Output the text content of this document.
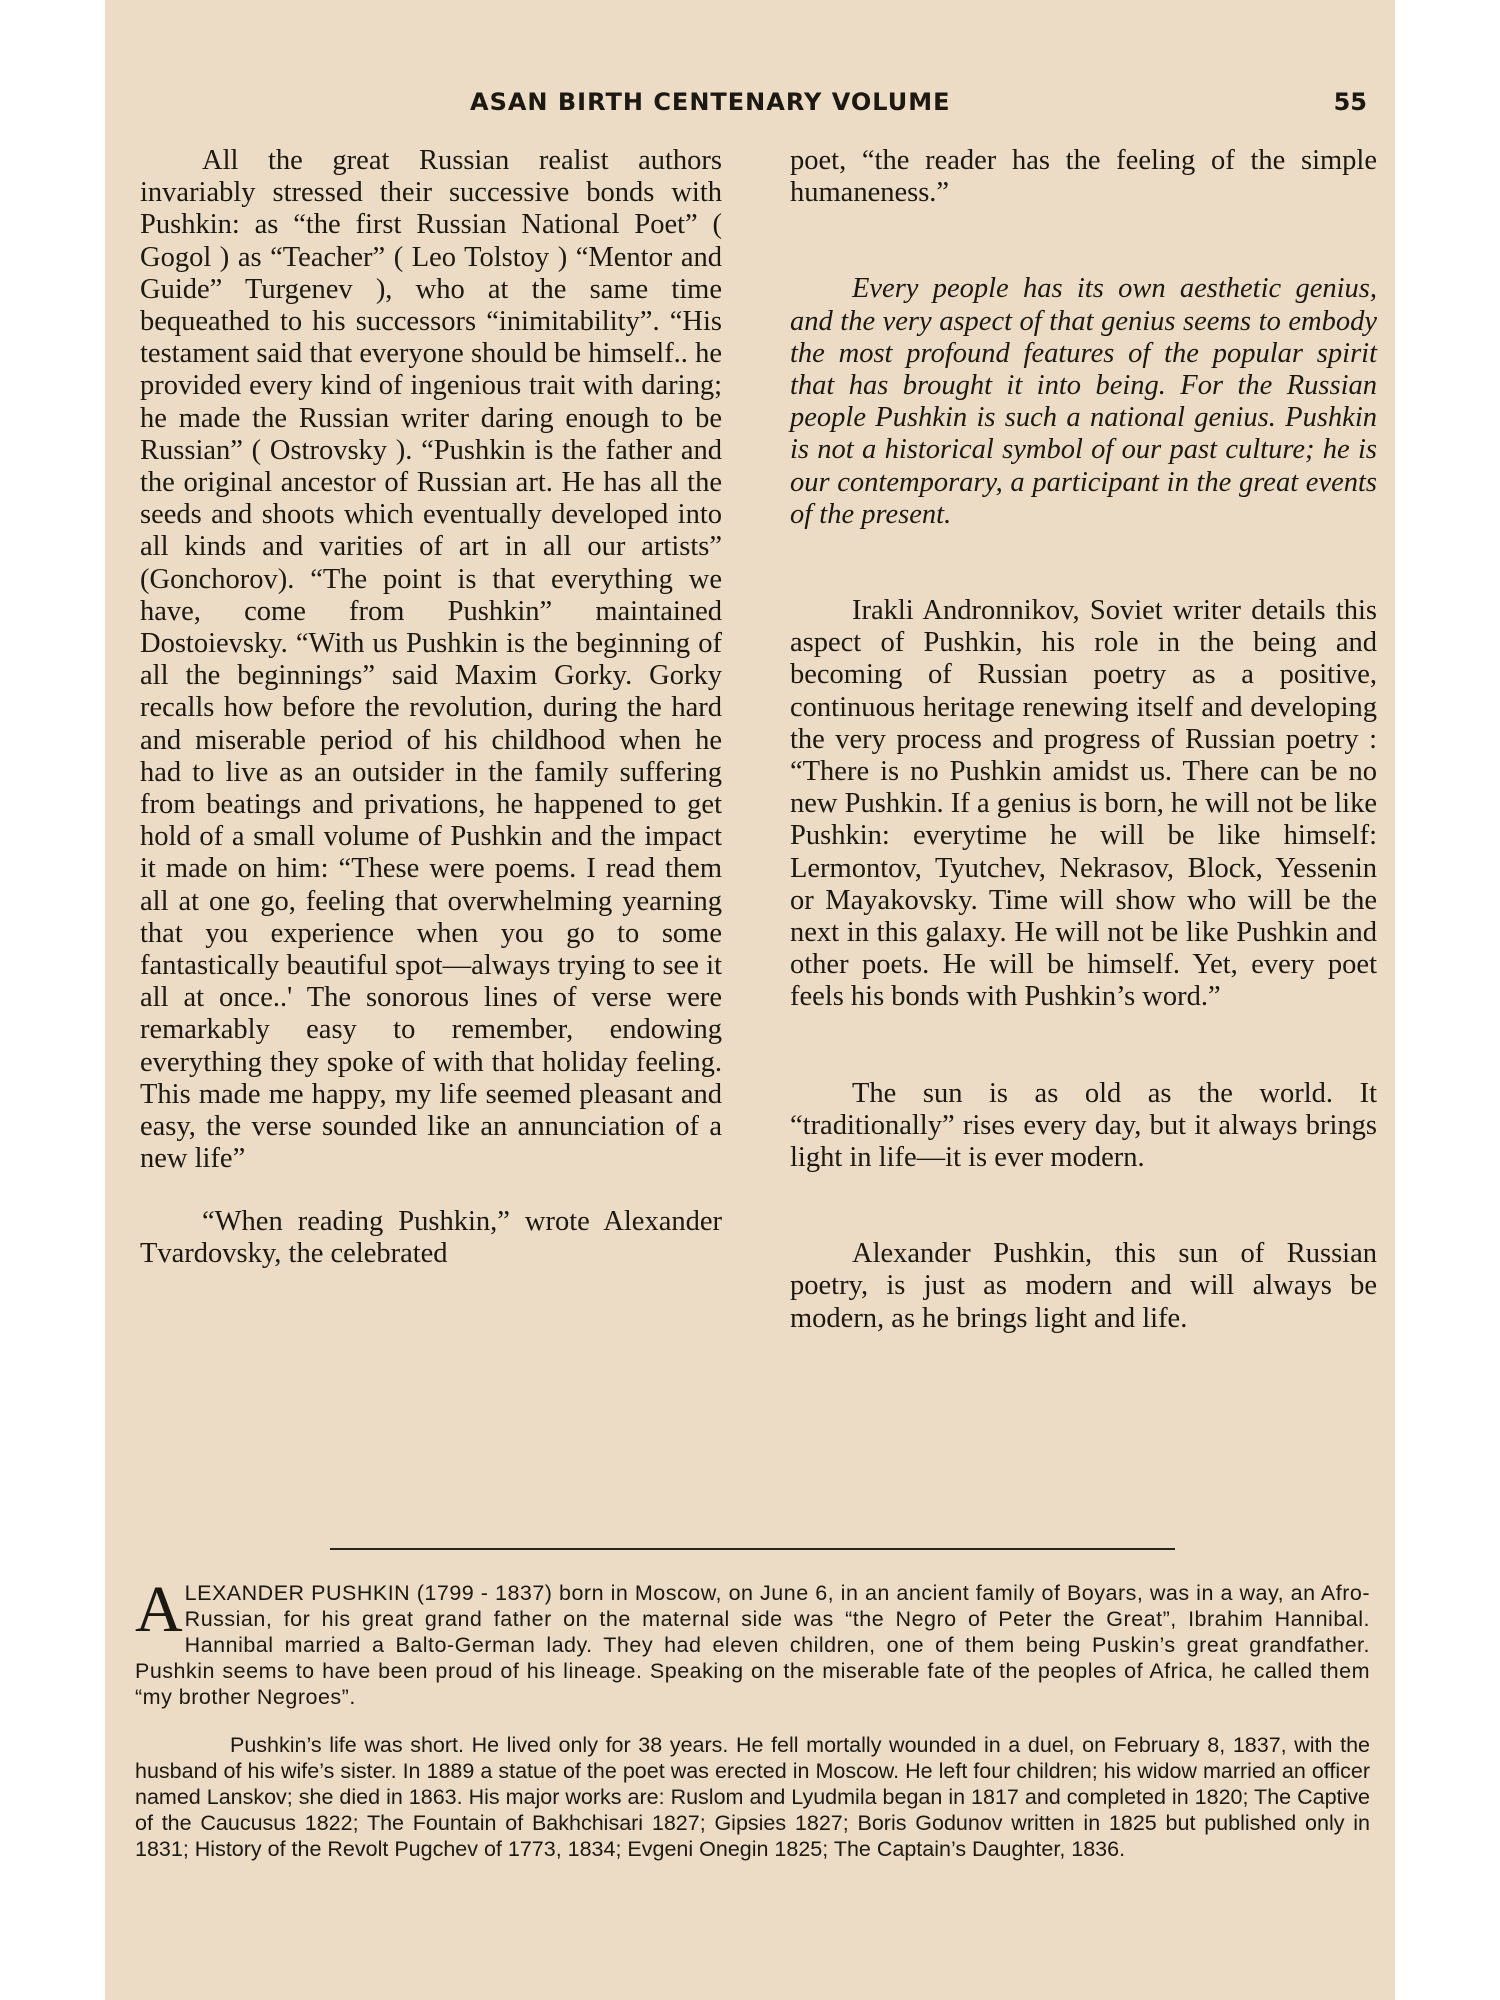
ASAN BIRTH CENTENARY VOLUME	55

All the great Russian realist authors invariably stressed their successive bonds with Pushkin: as “the first Russian National Poet” ( Gogol ) as “Teacher” ( Leo Tolstoy ) “Mentor and Guide” Turgenev ), who at the same time bequeathed to his successors “inimitability”. “His testament said that everyone should be himself.. he provided every kind of ingenious trait with daring; he made the Russian writer daring enough to be Russian” ( Ostrovsky ). “Pushkin is the father and the original ancestor of Russian art. He has all the seeds and shoots which eventually developed into all kinds and varities of art in all our artists” (Gonchorov). “The point is that everything we have, come from Pushkin” maintained Dostoievsky. “With us Pushkin is the beginning of all the beginnings” said Maxim Gorky. Gorky recalls how before the revolution, during the hard and miserable period of his childhood when he had to live as an outsider in the family suffering from beatings and privations, he happened to get hold of a small volume of Pushkin and the impact it made on him: “These were poems. I read them all at one go, feeling that overwhelming yearning that you experience when you go to some fantastically beautiful spot—always trying to see it all at once..' The sonorous lines of verse were remarkably easy to remember, endowing everything they spoke of with that holiday feeling. This made me happy, my life seemed pleasant and easy, the verse sounded like an annunciation of a new life”

“When reading Pushkin,” wrote Alexander Tvardovsky, the celebrated

poet, “the reader has the feeling of the simple humaneness.”

Every people has its own aesthetic genius, and the very aspect of that genius seems to embody the most profound features of the popular spirit that has brought it into being. For the Russian people Pushkin is such a national genius. Pushkin is not a historical symbol of our past culture; he is our contemporary, a participant in the great events of the present.

Irakli Andronnikov, Soviet writer details this aspect of Pushkin, his role in the being and becoming of Russian poetry as a positive, continuous heritage renewing itself and developing the very process and progress of Russian poetry : “There is no Pushkin amidst us. There can be no new Pushkin. If a genius is born, he will not be like Pushkin: everytime he will be like himself: Lermontov, Tyutchev, Nekrasov, Block, Yessenin or Mayakovsky. Time will show who will be the next in this galaxy. He will not be like Pushkin and other poets. He will be himself. Yet, every poet feels his bonds with Pushkin’s word.”

The sun is as old as the world. It “traditionally” rises every day, but it always brings light in life—it is ever modern.

Alexander Pushkin, this sun of Russian poetry, is just as modern and will always be modern, as he brings light and life.

ALEXANDER PUSHKIN (1799 - 1837) born in Moscow, on June 6, in an ancient family of Boyars, was in a way, an Afro-Russian, for his great grand father on the maternal side was “the Negro of Peter the Great”, Ibrahim Hannibal. Hannibal married a Balto-German lady. They had eleven children, one of them being Puskin’s great grandfather. Pushkin seems to have been proud of his lineage. Speaking on the miserable fate of the peoples of Africa, he called them “my brother Negroes”.

Pushkin’s life was short. He lived only for 38 years. He fell mortally wounded in a duel, on February 8, 1837, with the husband of his wife’s sister. In 1889 a statue of the poet was erected in Moscow. He left four children; his widow married an officer named Lanskov; she died in 1863. His major works are: Ruslom and Lyudmila began in 1817 and completed in 1820; The Captive of the Caucusus 1822; The Fountain of Bakhchisari 1827; Gipsies 1827; Boris Godunov written in 1825 but published only in 1831; History of the Revolt Pugchev of 1773, 1834; Evgeni Onegin 1825; The Captain’s Daughter, 1836.
